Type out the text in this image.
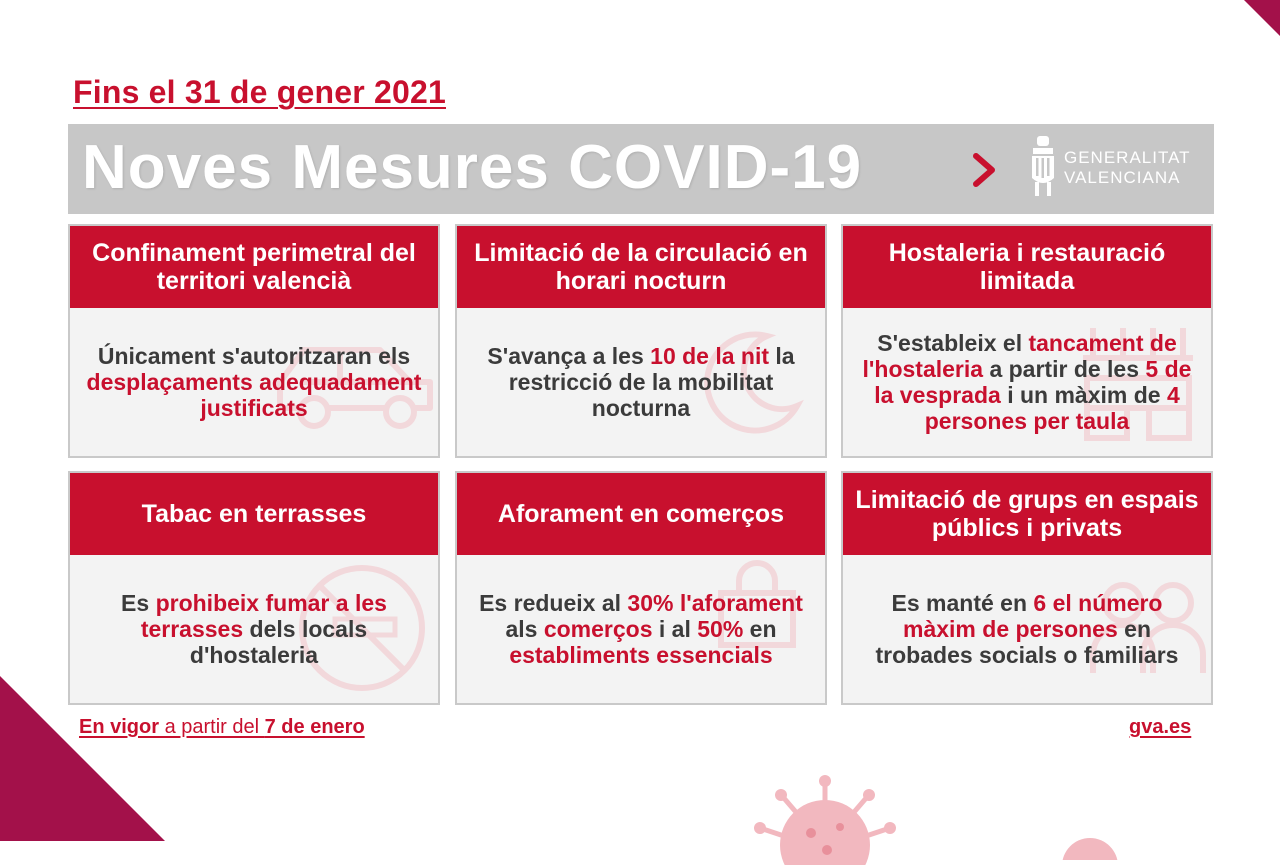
Fins el 31 de gener 2021
Noves Mesures COVID-19	GENERALITAT
VALENCIANA
Confinament perimetral del territori valencià
Únicament s'autoritzaran els desplaçaments adequadament justificats
Limitació de la circulació en horari nocturn
S'avança a les 10 de la nit la restricció de la mobilitat nocturna
Hostaleria i restauració limitada
S'estableix el tancament de l'hostaleria a partir de les 5 de la vesprada i un màxim de 4 persones per taula
Tabac en terrasses
Es prohibeix fumar a les terrasses dels locals d'hostaleria
Aforament en comerços
Es redueix al 30% l'aforament als comerços i al 50% en establiments essencials
Limitació de grups en espais públics i privats
Es manté en 6 el número màxim de persones en trobades socials o familiars
En vigor a partir del 7 de enero	gva.es
